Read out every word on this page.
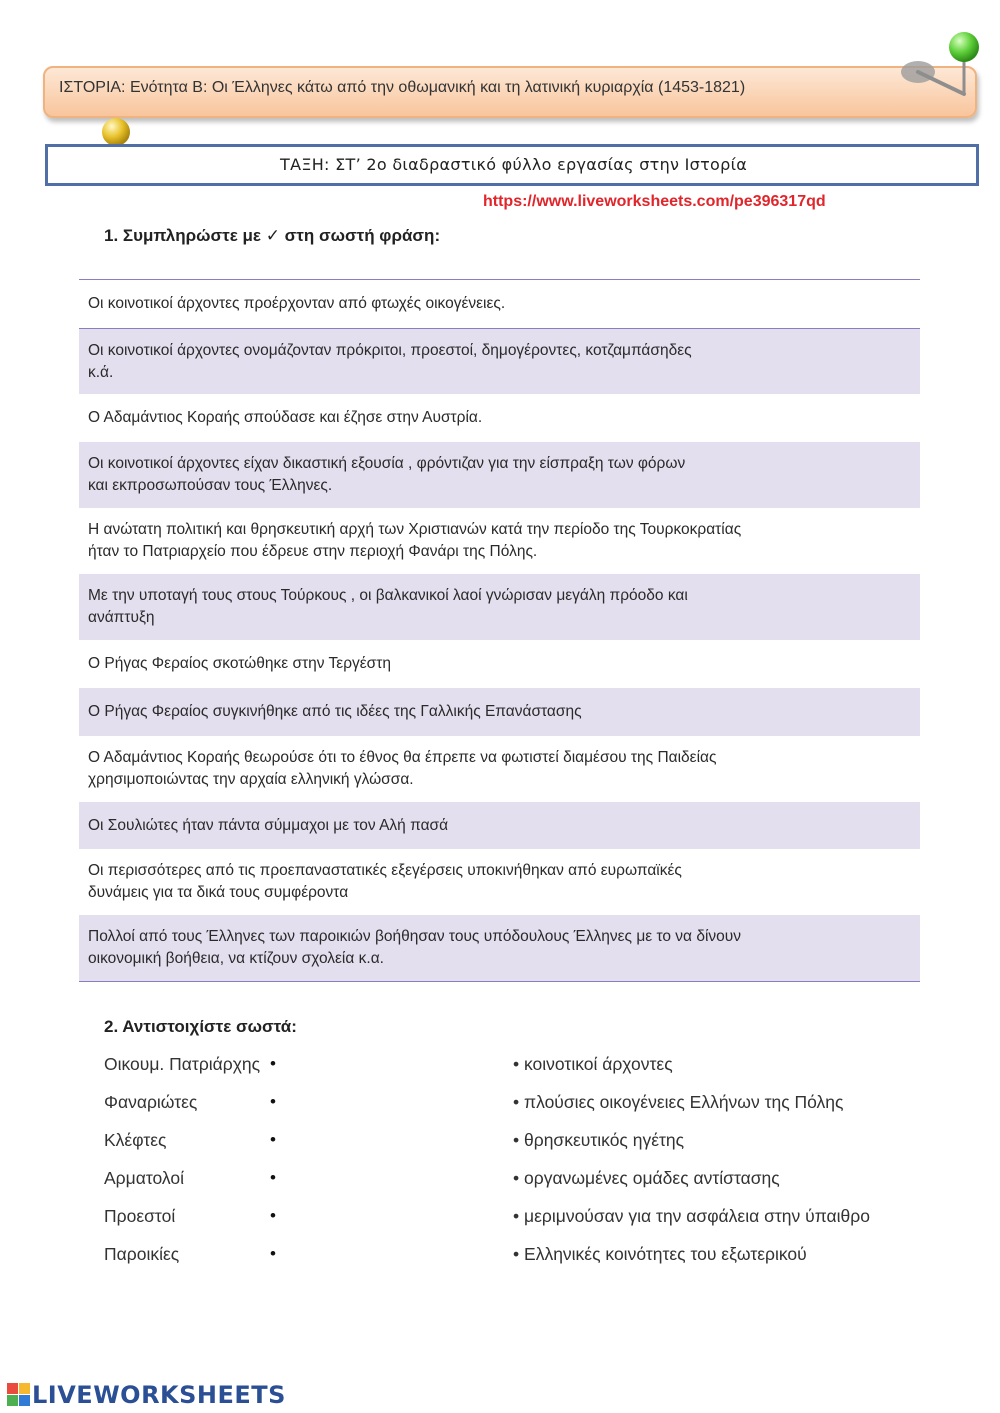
ΙΣΤΟΡΙΑ: Ενότητα Β: Οι Έλληνες κάτω από την οθωμανική και τη λατινική κυριαρχία (1453-1821)
ΤΑΞΗ: ΣΤ’ 2ο διαδραστικό φύλλο εργασίας στην Ιστορία
https://www.liveworksheets.com/pe396317qd
1. Συμπληρώστε με ✓ στη σωστή φράση:
Οι κοινοτικοί άρχοντες προέρχονταν από φτωχές οικογένειες.
Οι κοινοτικοί άρχοντες ονομάζονταν πρόκριτοι, προεστοί, δημογέροντες, κοτζαμπάσηδες
κ.ά.
Ο Αδαμάντιος Κοραής σπούδασε και έζησε στην Αυστρία.
Οι κοινοτικοί άρχοντες είχαν δικαστική εξουσία , φρόντιζαν για την είσπραξη των φόρων
και εκπροσωπούσαν τους Έλληνες.
Η ανώτατη πολιτική και θρησκευτική αρχή των Χριστιανών κατά την περίοδο της Τουρκοκρατίας
ήταν το Πατριαρχείο που έδρευε στην περιοχή Φανάρι της Πόλης.
Με την υποταγή τους στους Τούρκους , οι βαλκανικοί λαοί γνώρισαν μεγάλη πρόοδο και
ανάπτυξη
Ο Ρήγας Φεραίος σκοτώθηκε στην Τεργέστη
Ο Ρήγας Φεραίος συγκινήθηκε από τις ιδέες της Γαλλικής Επανάστασης
Ο Αδαμάντιος Κοραής θεωρούσε ότι το έθνος θα έπρεπε να φωτιστεί διαμέσου της Παιδείας
χρησιμοποιώντας την αρχαία ελληνική γλώσσα.
Οι Σουλιώτες ήταν πάντα σύμμαχοι με τον Αλή πασά
Οι περισσότερες από τις προεπαναστατικές εξεγέρσεις υποκινήθηκαν από ευρωπαϊκές
δυνάμεις για τα δικά τους συμφέροντα
Πολλοί από τους Έλληνες των παροικιών βοήθησαν τους υπόδουλους Έλληνες με το να δίνουν
οικονομική βοήθεια, να κτίζουν σχολεία κ.α.
2. Αντιστοιχίστε σωστά:
Οικουμ. Πατριάρχης •	• κοινοτικοί άρχοντες
Φαναριώτες	•	• πλούσιες οικογένειες Ελλήνων της Πόλης
Κλέφτες	•	• θρησκευτικός ηγέτης
Αρματολοί	•	• οργανωμένες ομάδες αντίστασης
Προεστοί	•	• μεριμνούσαν για την ασφάλεια στην ύπαιθρο
Παροικίες	•	• Ελληνικές κοινότητες του εξωτερικού
LIVEWORKSHEETS
